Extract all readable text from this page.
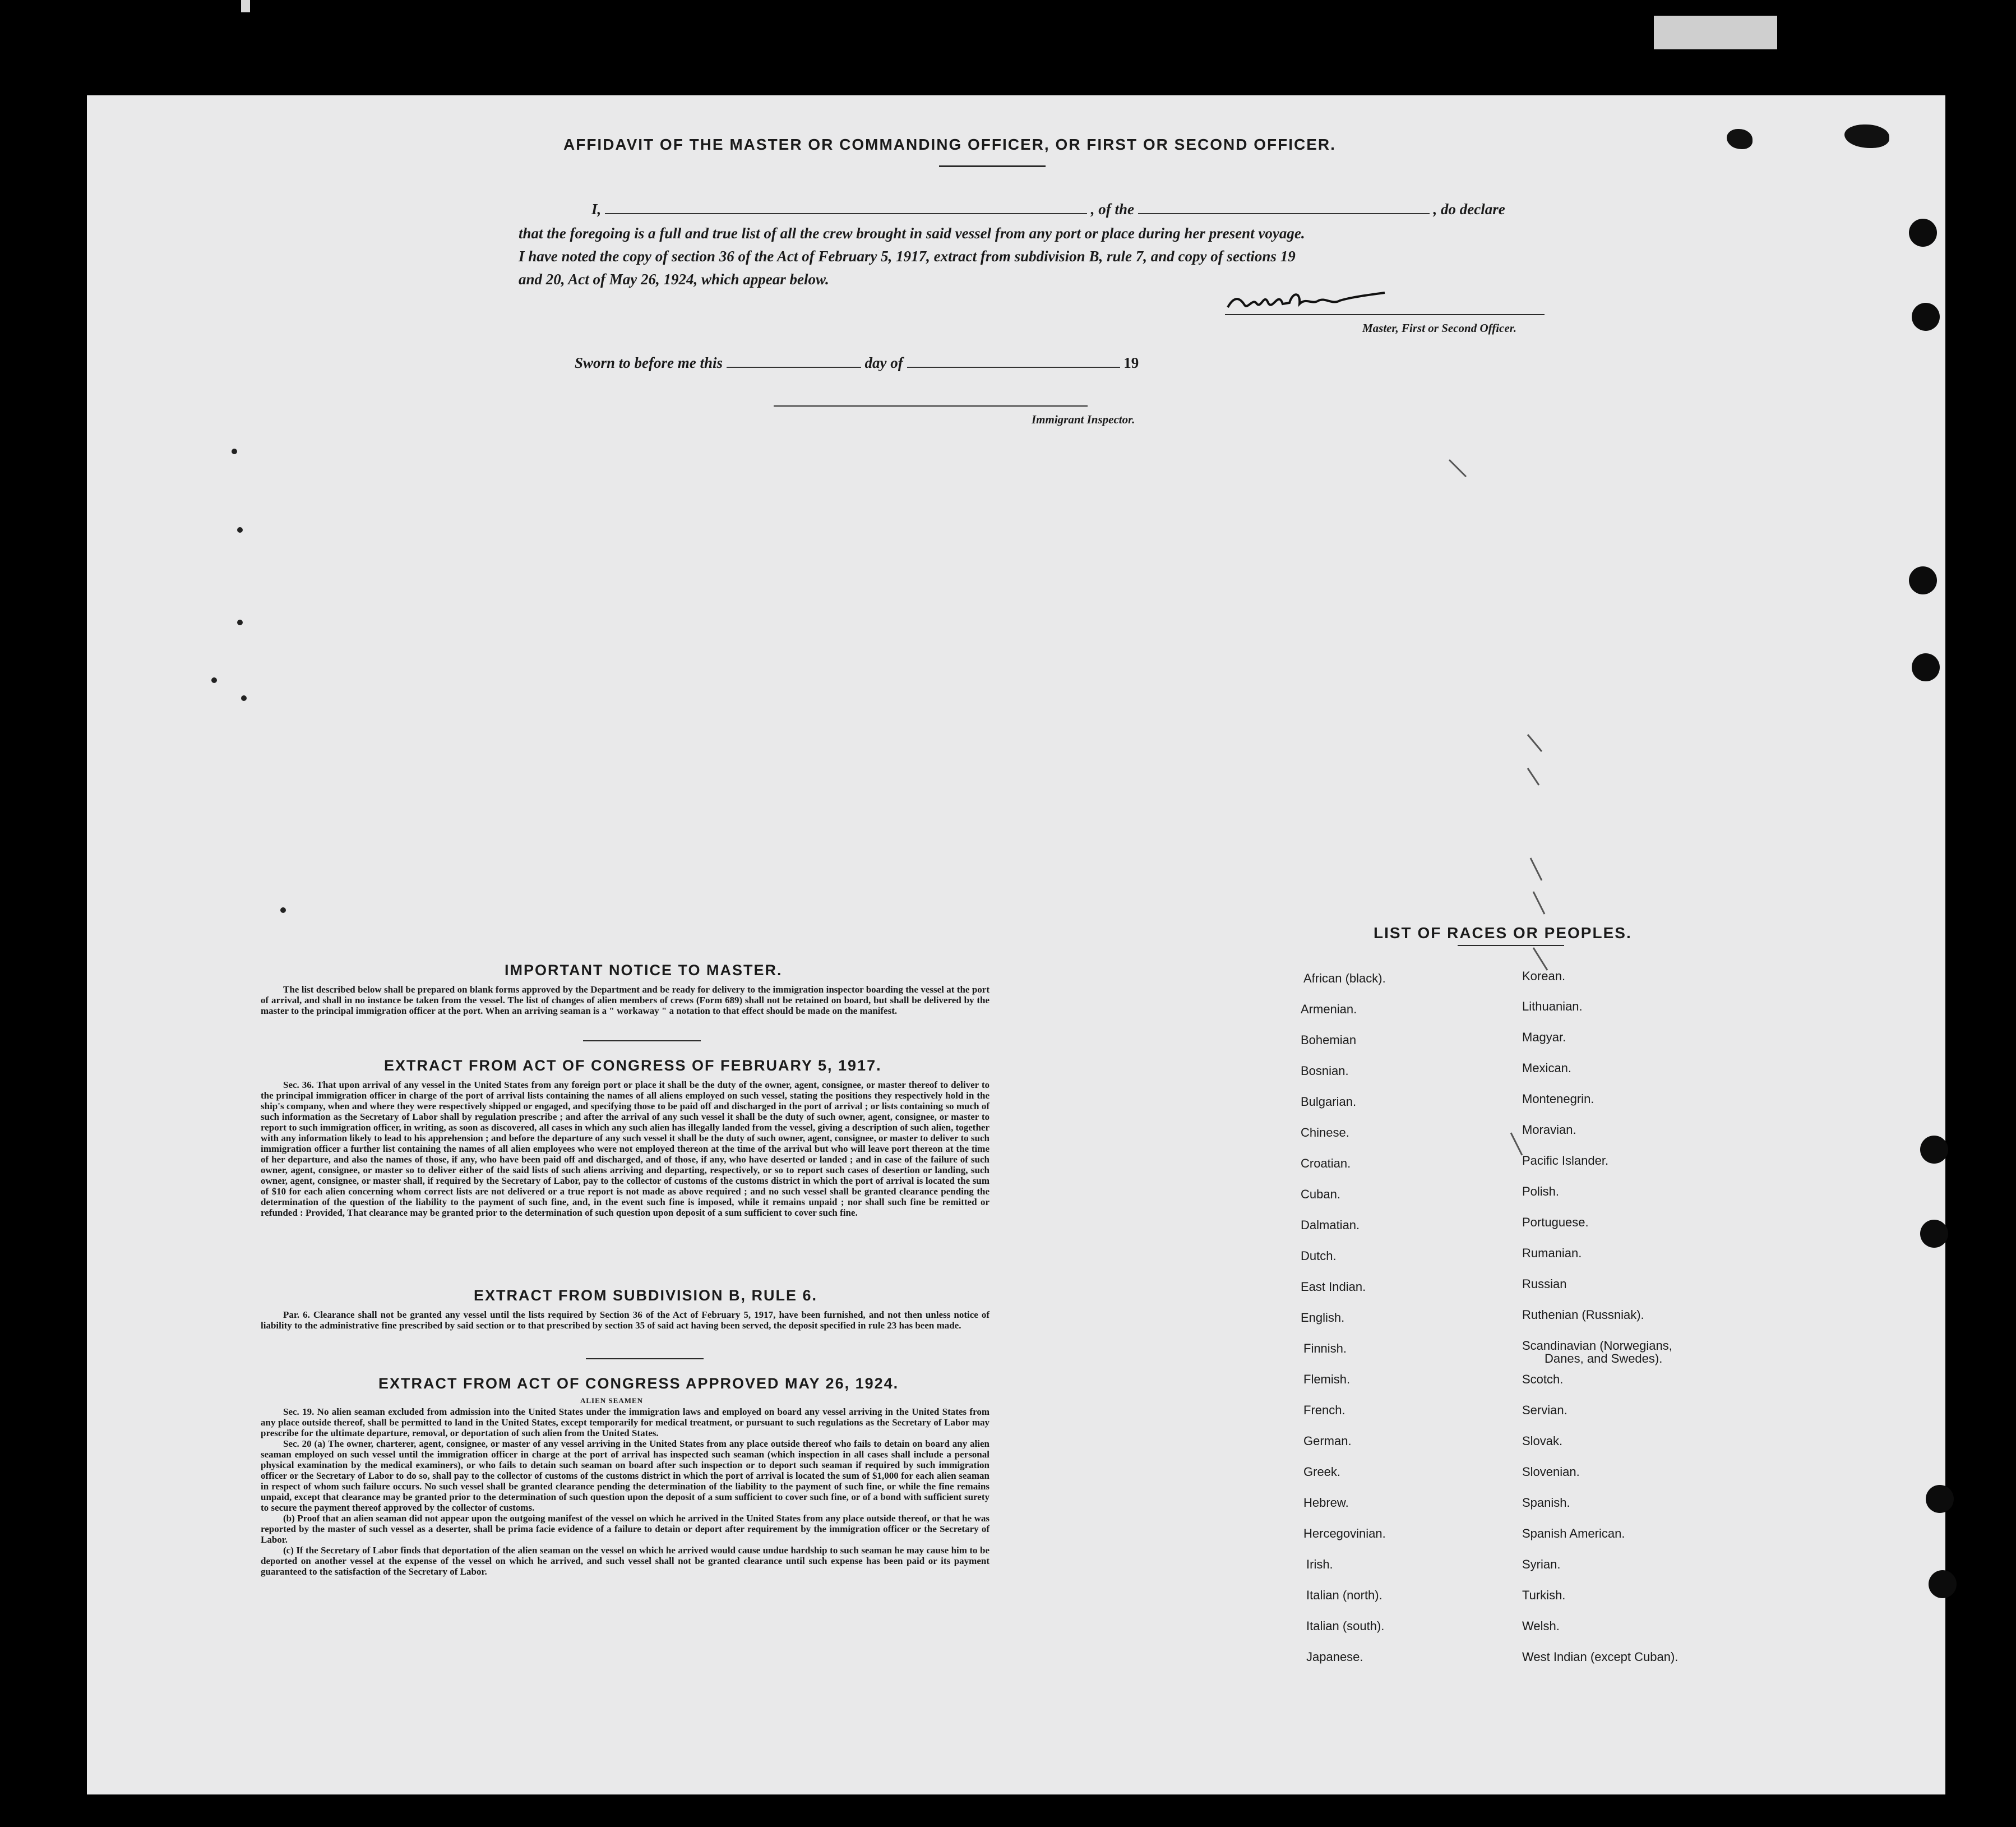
AFFIDAVIT OF THE MASTER OR COMMANDING OFFICER, OR FIRST OR SECOND OFFICER.
I,	, of the	, do declare
that the foregoing is a full and true list of all the crew brought in said vessel from any port or place during her present voyage.
I have noted the copy of section 36 of the Act of February 5, 1917, extract from subdivision B, rule 7, and copy of sections 19
and 20, Act of May 26, 1924, which appear below.
Master, First or Second Officer.
Sworn to before me this	day of	19
Immigrant Inspector.
IMPORTANT NOTICE TO MASTER.

The list described below shall be prepared on blank forms approved by the Department and be ready for delivery to the immigration inspector boarding the vessel at the port of arrival, and shall in no instance be taken from the vessel. The list of changes of alien members of crews (Form 689) shall not be retained on board, but shall be delivered by the master to the principal immigration officer at the port. When an arriving seaman is a " workaway " a notation to that effect should be made on the manifest.

EXTRACT FROM ACT OF CONGRESS OF FEBRUARY 5, 1917.

Sec. 36. That upon arrival of any vessel in the United States from any foreign port or place it shall be the duty of the owner, agent, consignee, or master thereof to deliver to the principal immigration officer in charge of the port of arrival lists containing the names of all aliens employed on such vessel, stating the positions they respectively hold in the ship's company, when and where they were respectively shipped or engaged, and specifying those to be paid off and discharged in the port of arrival ; or lists containing so much of such information as the Secretary of Labor shall by regulation prescribe ; and after the arrival of any such vessel it shall be the duty of such owner, agent, consignee, or master to report to such immigration officer, in writing, as soon as discovered, all cases in which any such alien has illegally landed from the vessel, giving a description of such alien, together with any information likely to lead to his apprehension ; and before the departure of any such vessel it shall be the duty of such owner, agent, consignee, or master to deliver to such immigration officer a further list containing the names of all alien employees who were not employed thereon at the time of the arrival but who will leave port thereon at the time of her departure, and also the names of those, if any, who have been paid off and discharged, and of those, if any, who have deserted or landed ; and in case of the failure of such owner, agent, consignee, or master so to deliver either of the said lists of such aliens arriving and departing, respectively, or so to report such cases of desertion or landing, such owner, agent, consignee, or master shall, if required by the Secretary of Labor, pay to the collector of customs of the customs district in which the port of arrival is located the sum of $10 for each alien concerning whom correct lists are not delivered or a true report is not made as above required ; and no such vessel shall be granted clearance pending the determination of the question of the liability to the payment of such fine, and, in the event such fine is imposed, while it remains unpaid ; nor shall such fine be remitted or refunded : Provided, That clearance may be granted prior to the determination of such question upon deposit of a sum sufficient to cover such fine.

EXTRACT FROM SUBDIVISION B, RULE 6.

Par. 6. Clearance shall not be granted any vessel until the lists required by Section 36 of the Act of February 5, 1917, have been furnished, and not then unless notice of liability to the administrative fine prescribed by said section or to that prescribed by section 35 of said act having been served, the deposit specified in rule 23 has been made.

EXTRACT FROM ACT OF CONGRESS APPROVED MAY 26, 1924.
ALIEN SEAMEN

Sec. 19. No alien seaman excluded from admission into the United States under the immigration laws and employed on board any vessel arriving in the United States from any place outside thereof, shall be permitted to land in the United States, except temporarily for medical treatment, or pursuant to such regulations as the Secretary of Labor may prescribe for the ultimate departure, removal, or deportation of such alien from the United States.

Sec. 20 (a) The owner, charterer, agent, consignee, or master of any vessel arriving in the United States from any place outside thereof who fails to detain on board any alien seaman employed on such vessel until the immigration officer in charge at the port of arrival has inspected such seaman (which inspection in all cases shall include a personal physical examination by the medical examiners), or who fails to detain such seaman on board after such inspection or to deport such seaman if required by such immigration officer or the Secretary of Labor to do so, shall pay to the collector of customs of the customs district in which the port of arrival is located the sum of $1,000 for each alien seaman in respect of whom such failure occurs. No such vessel shall be granted clearance pending the determination of the liability to the payment of such fine, or while the fine remains unpaid, except that clearance may be granted prior to the determination of such question upon the deposit of a sum sufficient to cover such fine, or of a bond with sufficient surety to secure the payment thereof approved by the collector of customs.

(b) Proof that an alien seaman did not appear upon the outgoing manifest of the vessel on which he arrived in the United States from any place outside thereof, or that he was reported by the master of such vessel as a deserter, shall be prima facie evidence of a failure to detain or deport after requirement by the immigration officer or the Secretary of Labor.

(c) If the Secretary of Labor finds that deportation of the alien seaman on the vessel on which he arrived would cause undue hardship to such seaman he may cause him to be deported on another vessel at the expense of the vessel on which he arrived, and such vessel shall not be granted clearance until such expense has been paid or its payment guaranteed to the satisfaction of the Secretary of Labor.

LIST OF RACES OR PEOPLES.
African (black).
Armenian.
Bohemian
Bosnian.
Bulgarian.
Chinese.
Croatian.
Cuban.
Dalmatian.
Dutch.
East Indian.
English.
Finnish.
Flemish.
French.
German.
Greek.
Hebrew.
Hercegovinian.
Irish.
Italian (north).
Italian (south).
Japanese.
Korean.
Lithuanian.
Magyar.
Mexican.
Montenegrin.
Moravian.
Pacific Islander.
Polish.
Portuguese.
Rumanian.
Russian
Ruthenian (Russniak).
Scandinavian (Norwegians,
Danes, and Swedes).
Scotch.
Servian.
Slovak.
Slovenian.
Spanish.
Spanish American.
Syrian.
Turkish.
Welsh.
West Indian (except Cuban).
